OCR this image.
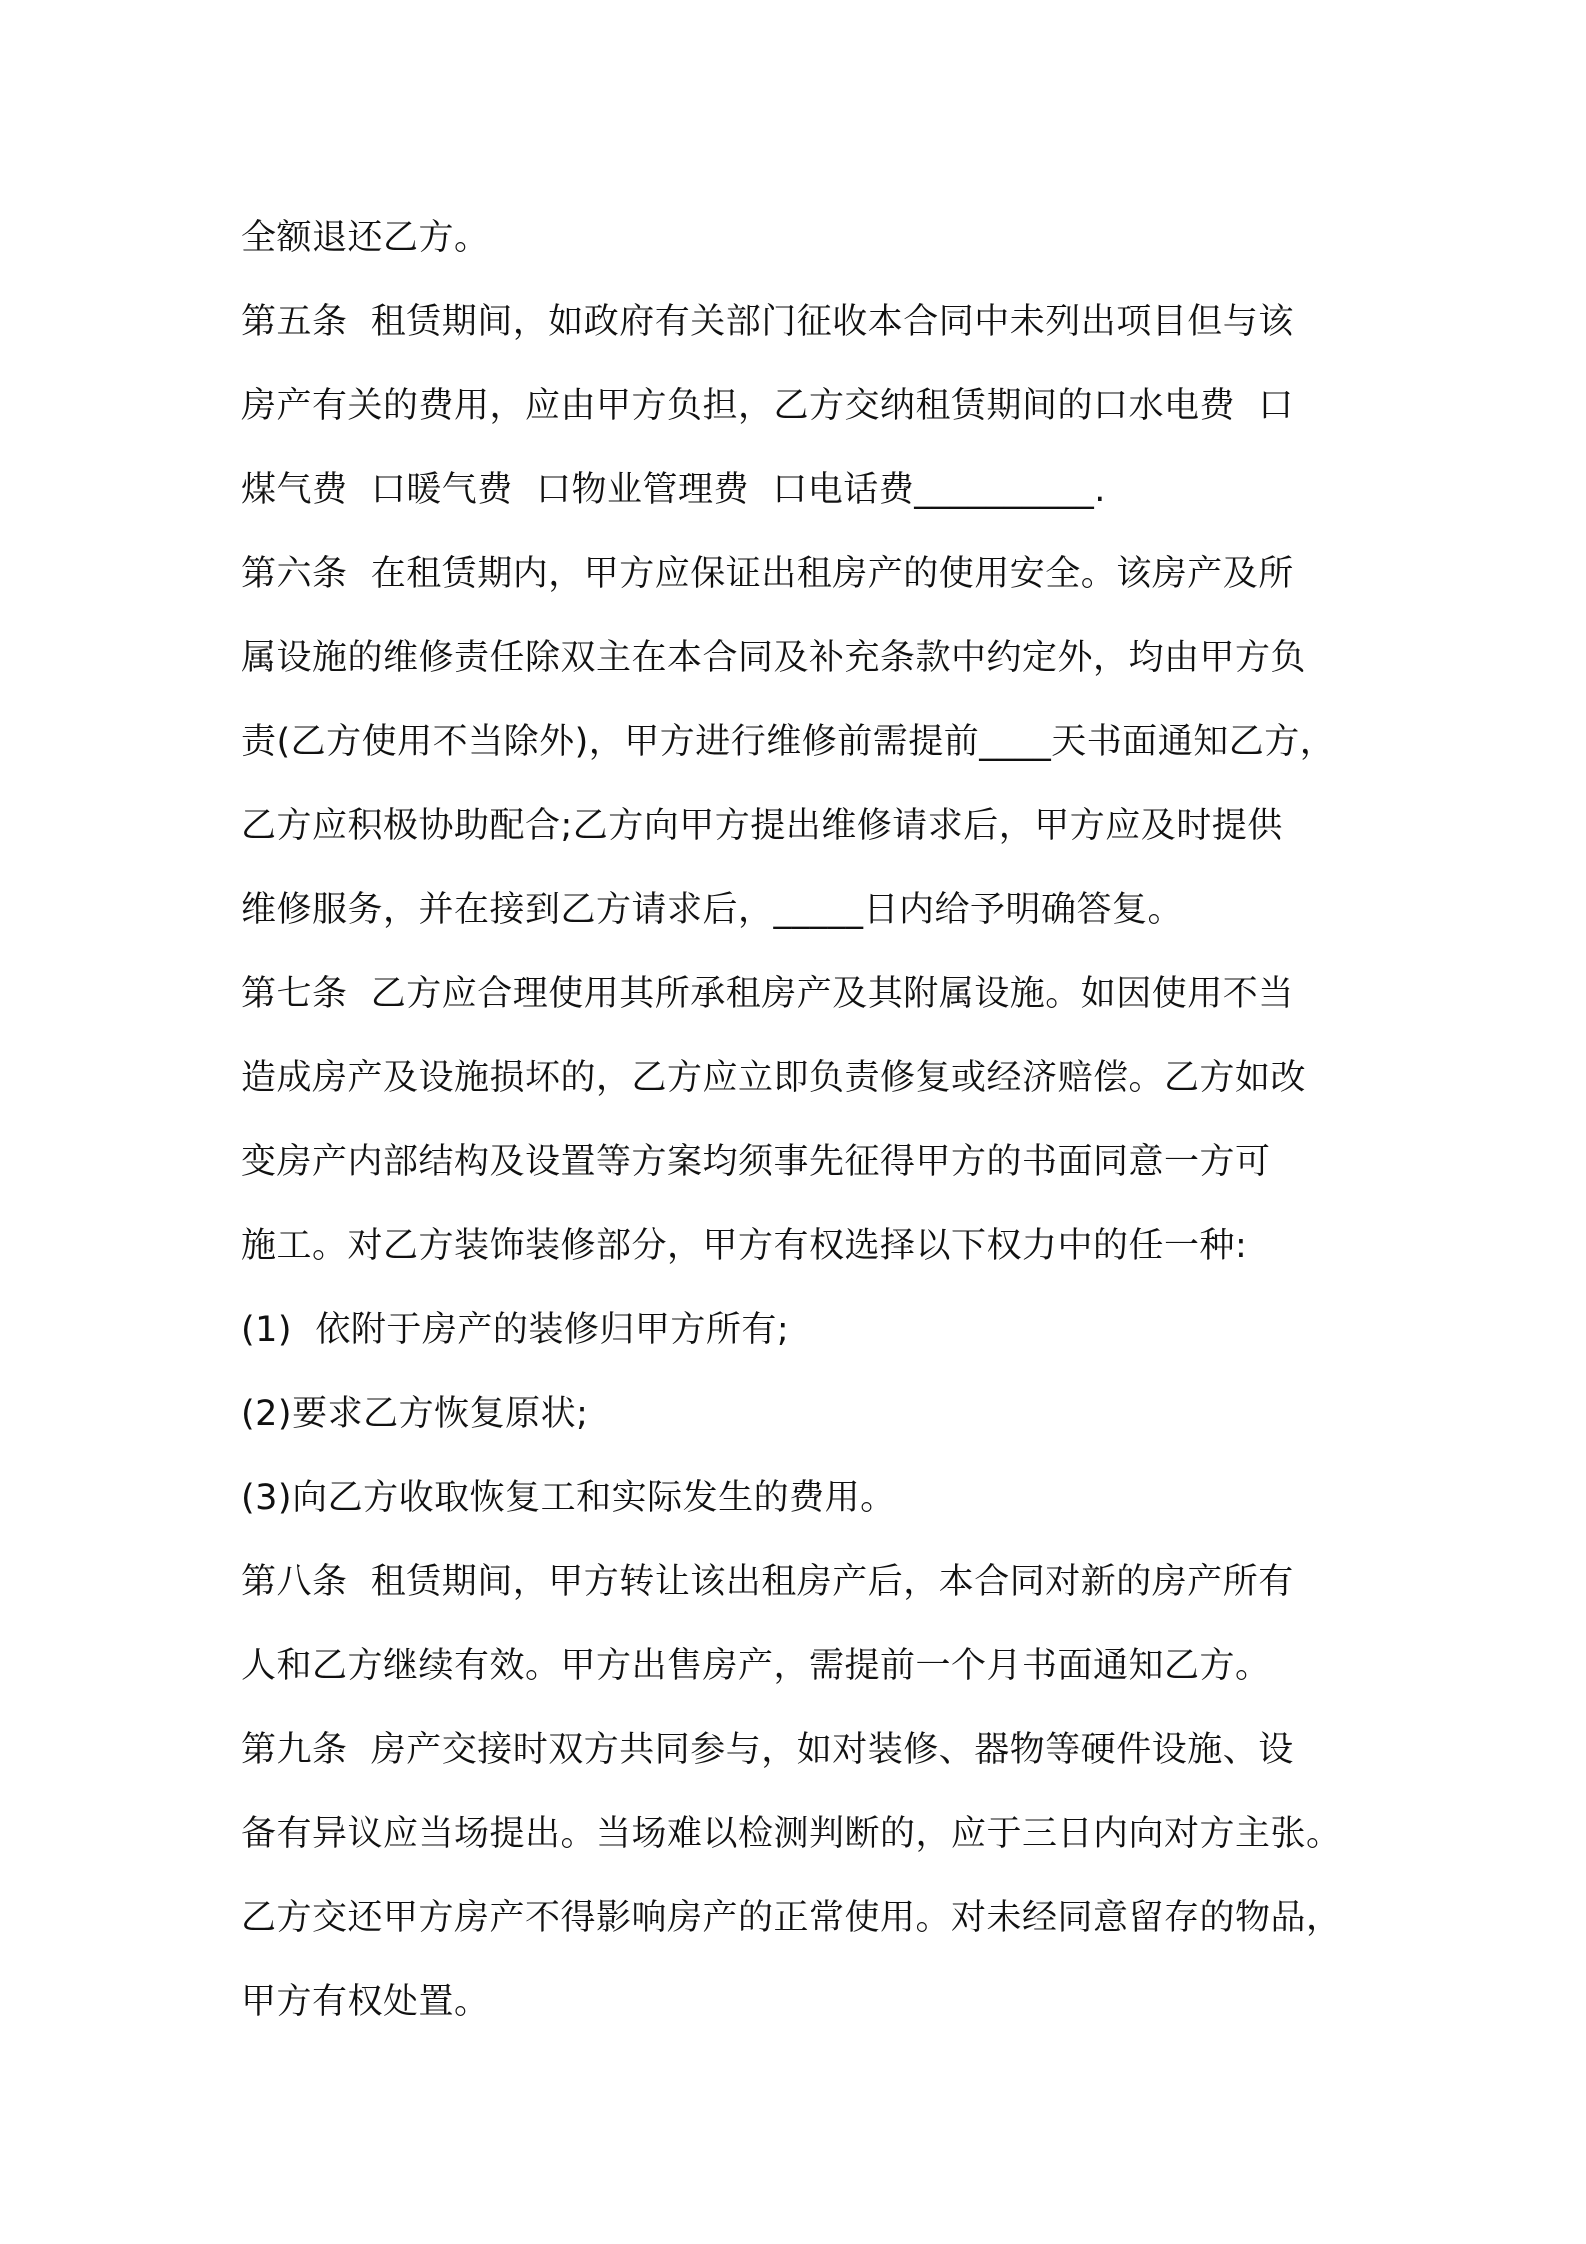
全额退还乙方。

第五条  租赁期间，如政府有关部门征收本合同中未列出项目但与该

房产有关的费用，应由甲方负担，乙方交纳租赁期间的口水电费  口

煤气费  口暖气费  口物业管理费  口电话费__________.

第六条  在租赁期内，甲方应保证出租房产的使用安全。该房产及所

属设施的维修责任除双主在本合同及补充条款中约定外，均由甲方负

责(乙方使用不当除外)，甲方进行维修前需提前____天书面通知乙方，

乙方应积极协助配合;乙方向甲方提出维修请求后，甲方应及时提供

维修服务，并在接到乙方请求后，_____日内给予明确答复。

第七条  乙方应合理使用其所承租房产及其附属设施。如因使用不当

造成房产及设施损坏的，乙方应立即负责修复或经济赔偿。乙方如改

变房产内部结构及设置等方案均须事先征得甲方的书面同意一方可

施工。对乙方装饰装修部分，甲方有权选择以下权力中的任一种:

(1)  依附于房产的装修归甲方所有;

(2)要求乙方恢复原状;

(3)向乙方收取恢复工和实际发生的费用。

第八条  租赁期间，甲方转让该出租房产后，本合同对新的房产所有

人和乙方继续有效。甲方出售房产，需提前一个月书面通知乙方。

第九条  房产交接时双方共同参与，如对装修、器物等硬件设施、设

备有异议应当场提出。当场难以检测判断的，应于三日内向对方主张。

乙方交还甲方房产不得影响房产的正常使用。对未经同意留存的物品，

甲方有权处置。
